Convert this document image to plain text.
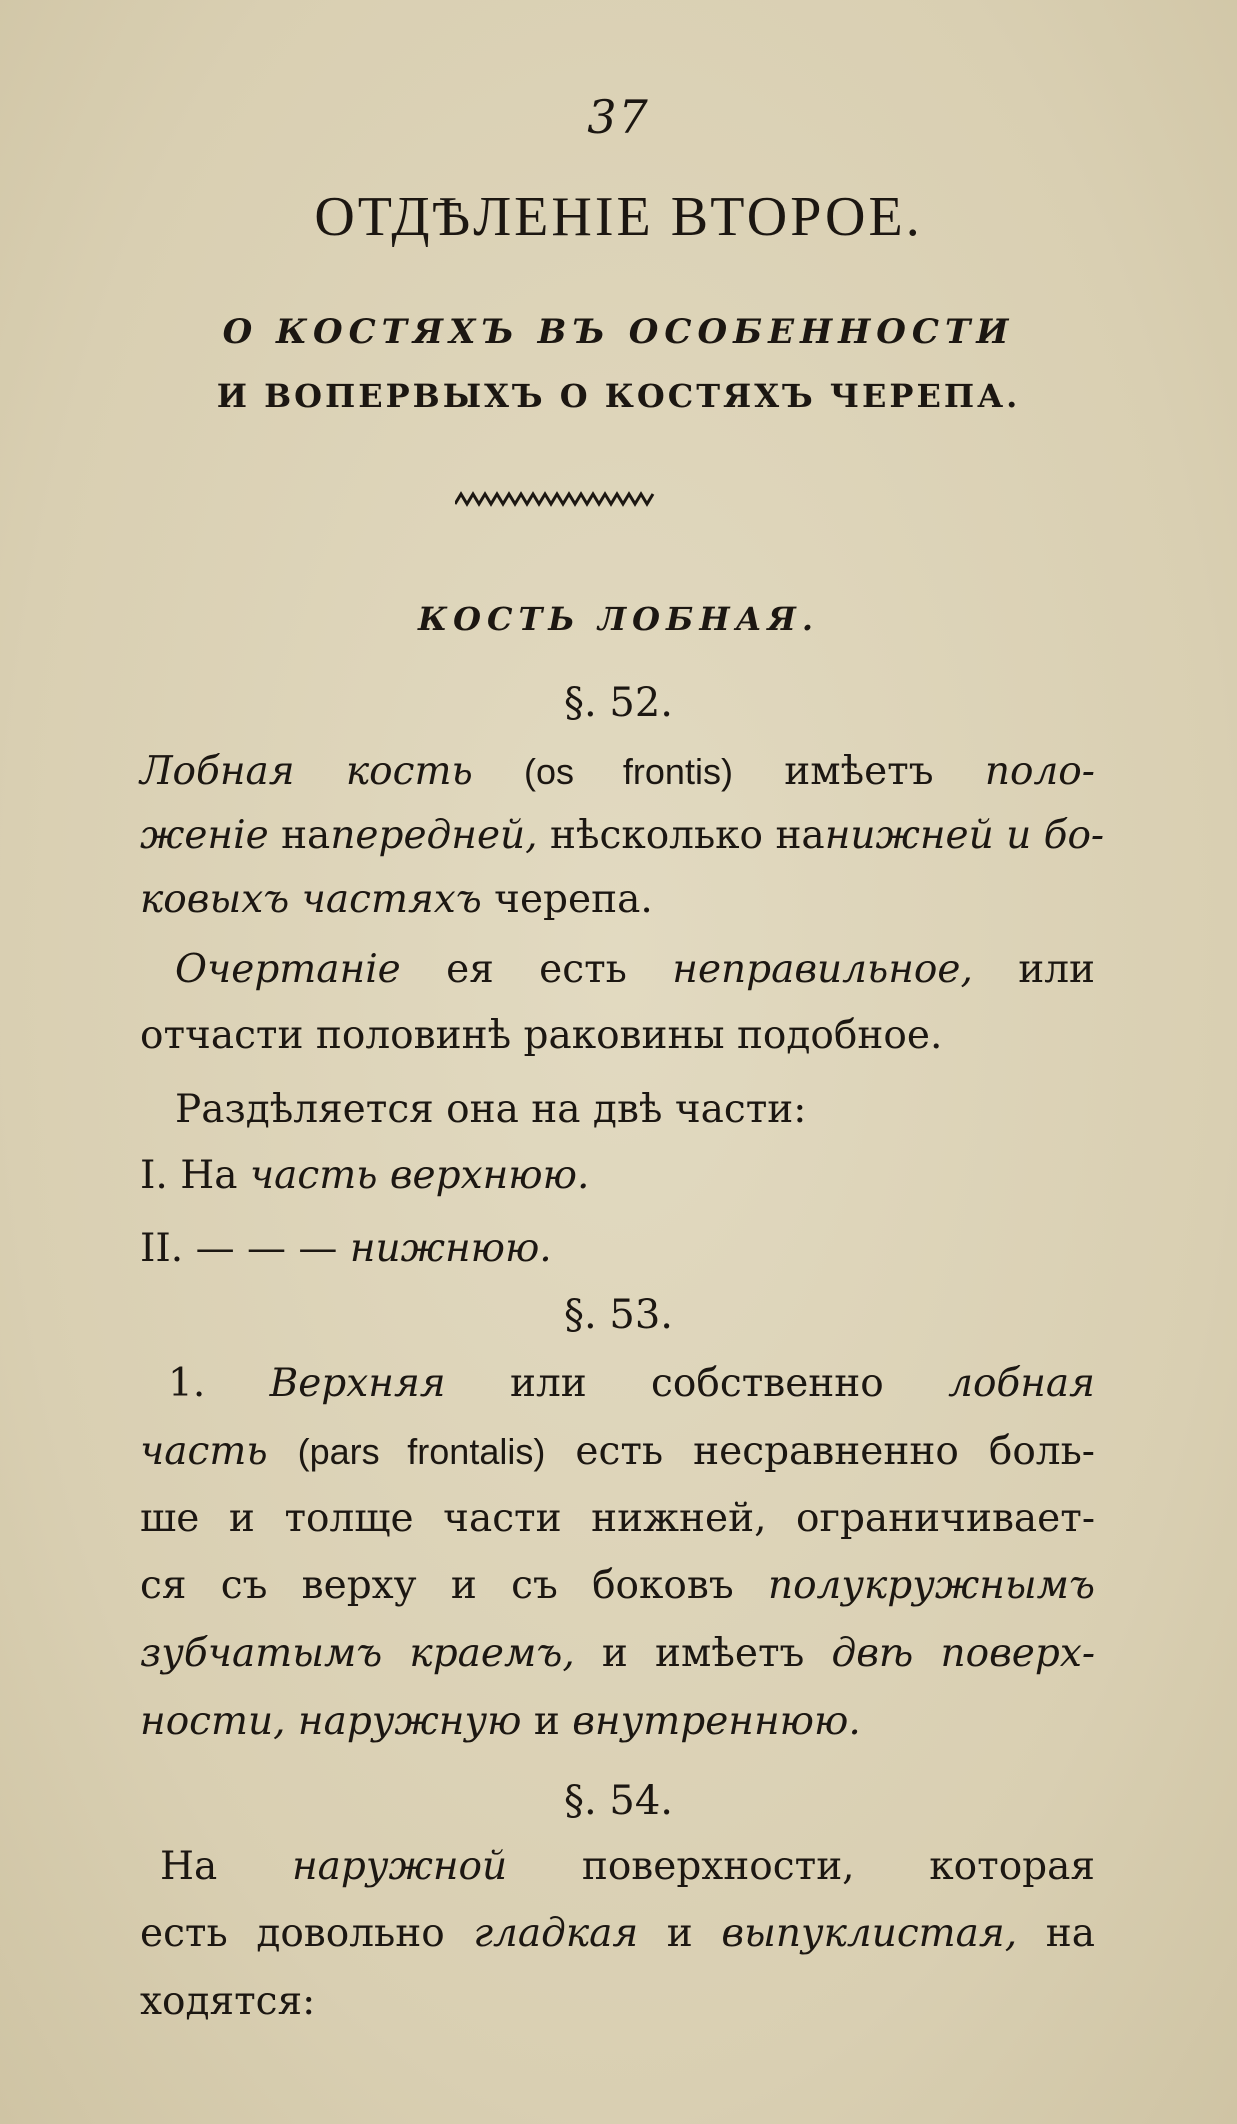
37
ОТДѢЛЕНІЕ ВТОРОЕ.
О КОСТЯХЪ ВЪ ОСОБЕННОСТИ
И ВОПЕРВЫХЪ О КОСТЯХЪ ЧЕРЕПА.
КОСТЬ ЛОБНАЯ.
§. 52.
Лобная кость (os frontis) имѣетъ поло-
женіе напередней, нѣсколько нанижней и бо-
ковыхъ частяхъ черепа.
Очертаніе ея есть неправильное, или
отчасти половинѣ раковины подобное.
Раздѣляется она на двѣ части:
I. На часть верхнюю.
II. — — — нижнюю.
§. 53.
1. Верхняя или собственно лобная
часть (pars frontalis) есть несравненно боль-
ше и толще части нижней, ограничивает-
ся съ верху и съ боковъ полукружнымъ
зубчатымъ краемъ, и имѣетъ двѣ поверх-
ности, наружную и внутреннюю.
§. 54.
На наружной поверхности, которая
есть довольно гладкая и выпуклистая, на
ходятся:
